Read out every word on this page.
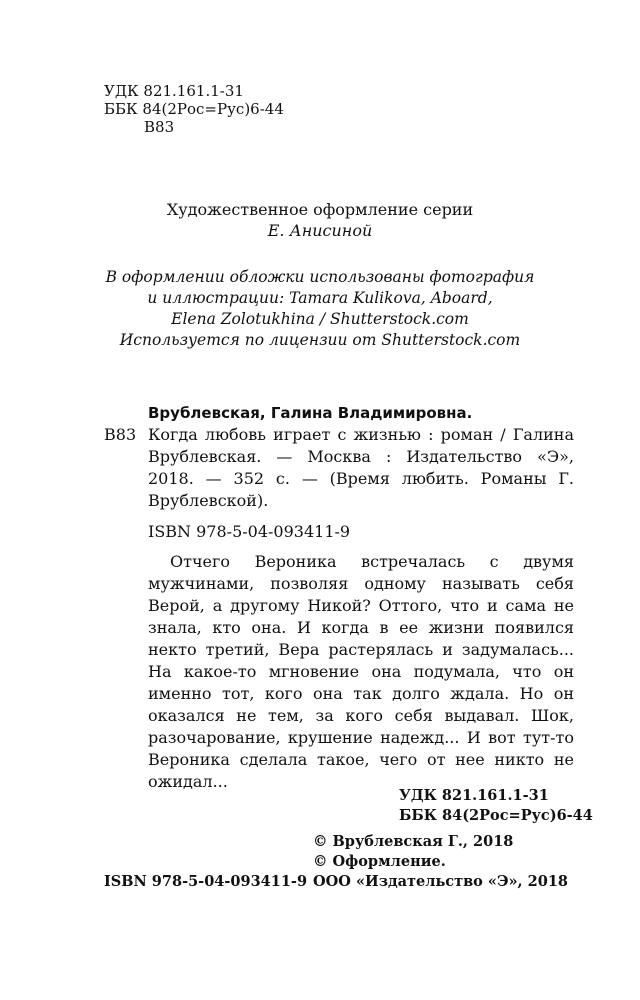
УДК 821.161.1-31
ББК 84(2Рос=Рус)6-44
В83
Художественное оформление серии
Е. Анисиной
В оформлении обложки использованы фотография
и иллюстрации: Tamara Kulikova, Aboard,
Elena Zolotukhina / Shutterstock.com
Используется по лицензии от Shutterstock.com
Врублевская, Галина Владимировна.
В83 Когда любовь играет с жизнью : роман / Галина Врублевская. — Москва : Издательство «Э», 2018. — 352 с. — (Время любить. Романы Г. Врублевской).
ISBN 978-5-04-093411-9
Отчего Вероника встречалась с двумя мужчинами, позволяя одному называть себя Верой, а другому Никой? Оттого, что и сама не знала, кто она. И когда в ее жизни появился некто третий, Вера растерялась и задумалась... На какое-то мгновение она подумала, что он именно тот, кого она так долго ждала. Но он оказался не тем, за кого себя выдавал. Шок, разочарование, крушение надежд... И вот тут-то Вероника сделала такое, чего от нее никто не ожидал...
УДК 821.161.1-31
ББК 84(2Рос=Рус)6-44
© Врублевская Г., 2018
© Оформление.
ООО «Издательство «Э», 2018
ISBN 978-5-04-093411-9
